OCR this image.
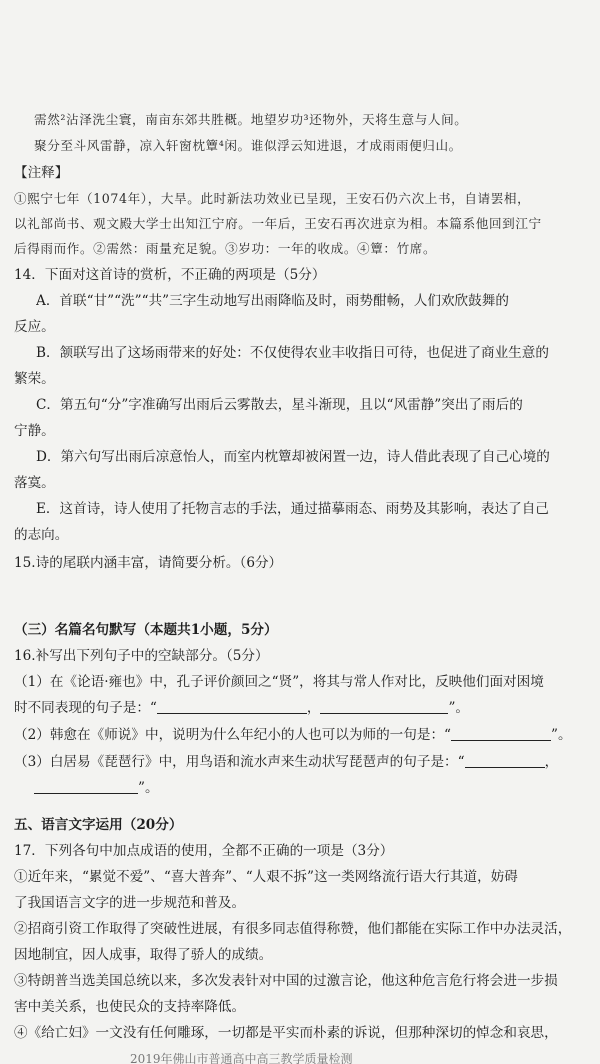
需然²沾泽洗尘寰，南亩东郊共胜概。地望岁功³还物外，天将生意与人间。
聚分至斗风雷静，凉入轩窗枕簟⁴闲。谁似浮云知进退，才成雨雨便归山。
【注释】
①熙宁七年（1074年），大旱。此时新法功效业已呈现，王安石仍六次上书，自请罢相，
以礼部尚书、观文殿大学士出知江宁府。一年后，王安石再次进京为相。本篇系他回到江宁
后得雨而作。②需然：雨量充足貌。③岁功：一年的收成。④簟：竹席。
14．下面对这首诗的赏析，不正确的两项是（5分）
A．首联“甘”“洗”“共”三字生动地写出雨降临及时，雨势酣畅，人们欢欣鼓舞的
反应。
B．颔联写出了这场雨带来的好处：不仅使得农业丰收指日可待，也促进了商业生意的
繁荣。
C．第五句“分”字准确写出雨后云雾散去，星斗渐现，且以“风雷静”突出了雨后的
宁静。
D．第六句写出雨后凉意怡人，而室内枕簟却被闲置一边，诗人借此表现了自己心境的
落寞。
E．这首诗，诗人使用了托物言志的手法，通过描摹雨态、雨势及其影响，表达了自己
的志向。
15.诗的尾联内涵丰富，请简要分析。（6分）
（三）名篇名句默写（本题共1小题，5分）
16.补写出下列句子中的空缺部分。（5分）
（1）在《论语·雍也》中，孔子评价颜回之“贤”，将其与常人作对比，反映他们面对困境
时不同表现的句子是：“	，	”。
（2）韩愈在《师说》中，说明为什么年纪小的人也可以为师的一句是：“	”。
（3）白居易《琵琶行》中，用鸟语和流水声来生动状写琵琶声的句子是：“	，
”。
五、语言文字运用（20分）
17．下列各句中加点成语的使用，全都不正确的一项是（3分）
①近年来，“累觉不爱”、“喜大普奔”、“人艰不拆”这一类网络流行语大行其道，妨碍
了我国语言文字的进一步规范和普及。
②招商引资工作取得了突破性进展，有很多同志值得称赞，他们都能在实际工作中办法灵活，
因地制宜，因人成事，取得了骄人的成绩。
③特朗普当选美国总统以来，多次发表针对中国的过激言论，他这种危言危行将会进一步损
害中美关系，也使民众的支持率降低。
④《给亡妇》一文没有任何雕琢，一切都是平实而朴素的诉说，但那种深切的悼念和哀思，
2019年佛山市普通高中高三教学质量检测
